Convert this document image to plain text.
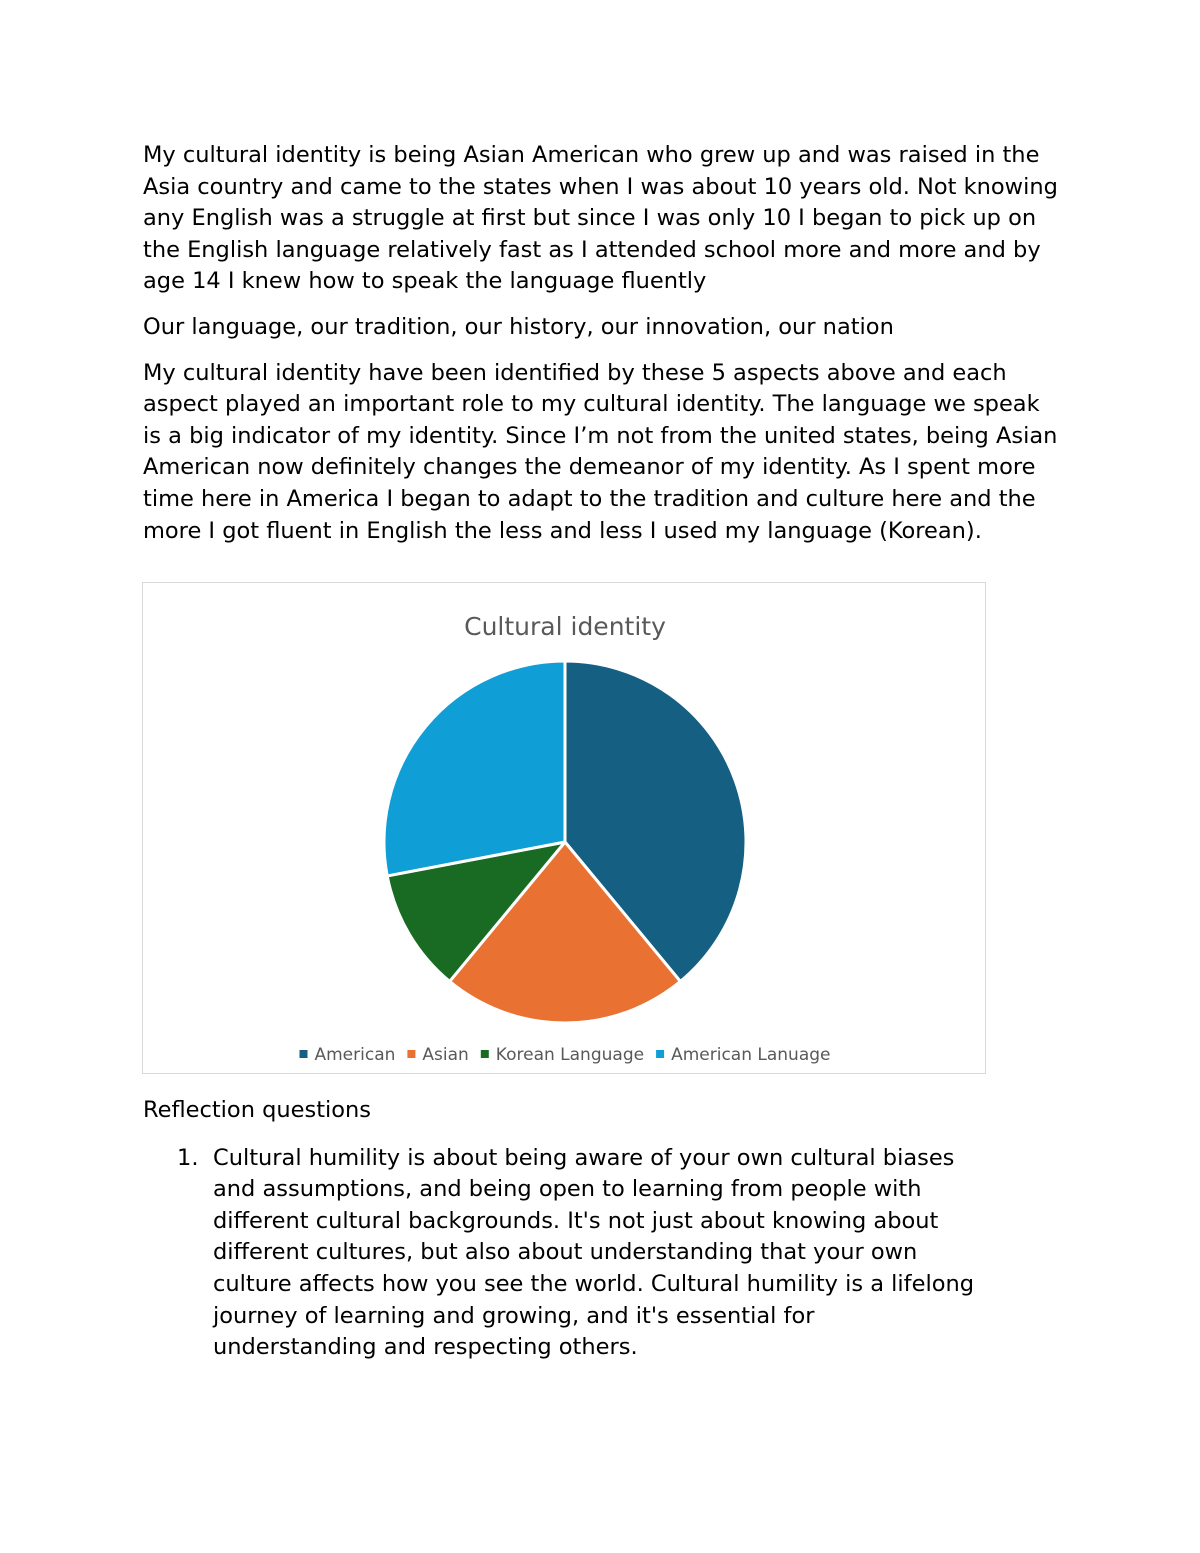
My cultural identity is being Asian American who grew up and was raised in the Asia country and came to the states when I was about 10 years old. Not knowing any English was a struggle at first but since I was only 10 I began to pick up on the English language relatively fast as I attended school more and more and by age 14 I knew how to speak the language fluently

Our language, our tradition, our history, our innovation, our nation

My cultural identity have been identified by these 5 aspects above and each aspect played an important role to my cultural identity. The language we speak is a big indicator of my identity. Since I’m not from the united states, being Asian American now definitely changes the demeanor of my identity. As I spent more time here in America I began to adapt to the tradition and culture here and the more I got fluent in English the less and less I used my language (Korean).

Cultural identity
American Asian Korean Language American Lanuage
Reflection questions
1. Cultural humility is about being aware of your own cultural biases and assumptions, and being open to learning from people with different cultural backgrounds. It's not just about knowing about different cultures, but also about understanding that your own culture affects how you see the world. Cultural humility is a lifelong journey of learning and growing, and it's essential for understanding and respecting others.
